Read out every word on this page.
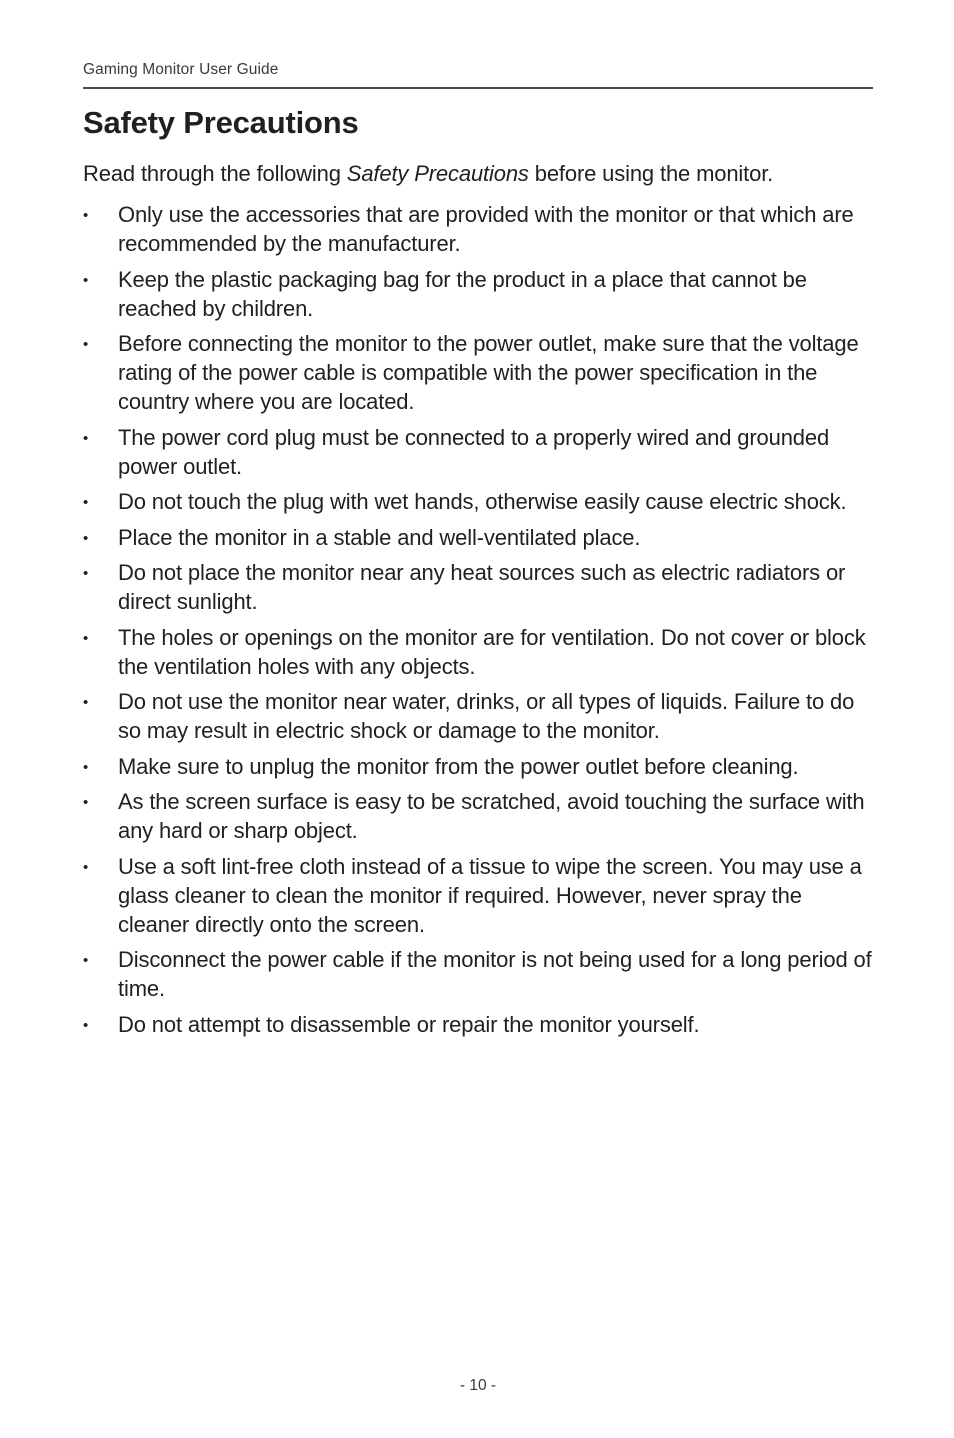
Gaming Monitor User Guide
Safety Precautions

Read through the following Safety Precautions before using the monitor.

•	Only use the accessories that are provided with the monitor or that which are recommended by the manufacturer.
•	Keep the plastic packaging bag for the product in a place that cannot be reached by children.
•	Before connecting the monitor to the power outlet, make sure that the voltage rating of the power cable is compatible with the power specification in the country where you are located.
•	The power cord plug must be connected to a properly wired and grounded power outlet.
•	Do not touch the plug with wet hands, otherwise easily cause electric shock.
•	Place the monitor in a stable and well-ventilated place.
•	Do not place the monitor near any heat sources such as electric radiators or direct sunlight.
•	The holes or openings on the monitor are for ventilation. Do not cover or block the ventilation holes with any objects.
•	Do not use the monitor near water, drinks, or all types of liquids. Failure to do so may result in electric shock or damage to the monitor.
•	Make sure to unplug the monitor from the power outlet before cleaning.
•	As the screen surface is easy to be scratched, avoid touching the surface with any hard or sharp object.
•	Use a soft lint-free cloth instead of a tissue to wipe the screen. You may use a glass cleaner to clean the monitor if required. However, never spray the cleaner directly onto the screen.
•	Disconnect the power cable if the monitor is not being used for a long period of time.
•	Do not attempt to disassemble or repair the monitor yourself.
- 10 -
